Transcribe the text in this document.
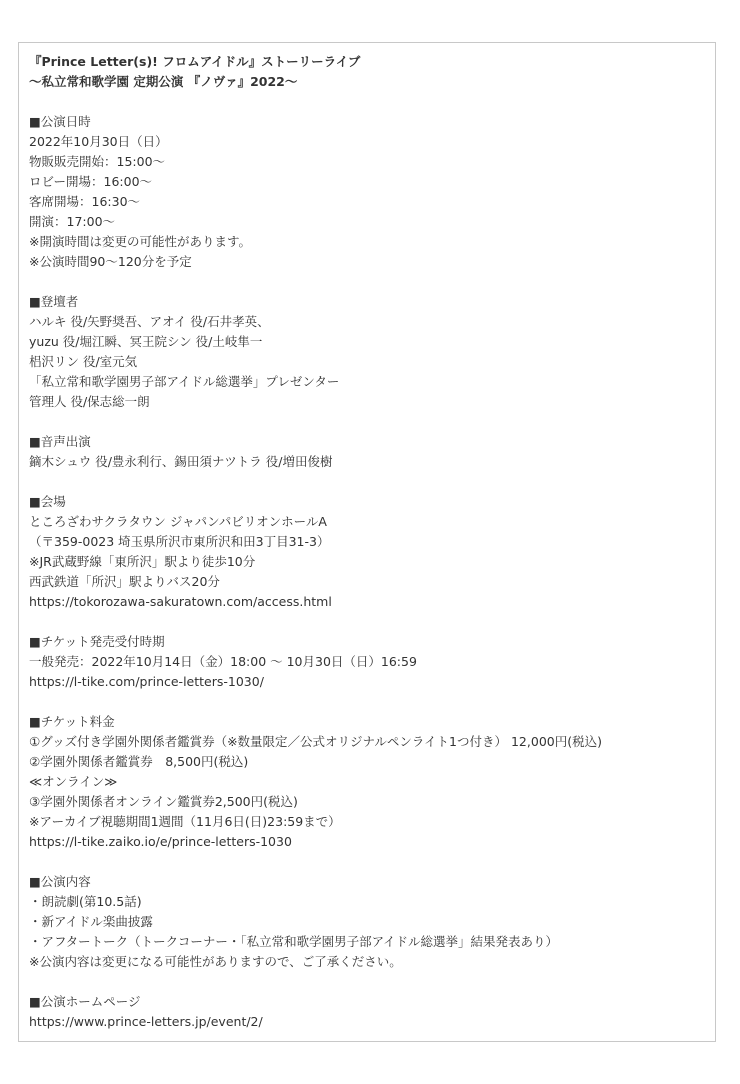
『Prince Letter(s)! フロムアイドル』ストーリーライブ
〜私立常和歌学園 定期公演 『ノヴァ』2022〜
■公演日時
2022年10月30日（日）
物販販売開始：15:00〜
ロビー開場：16:00〜
客席開場：16:30〜
開演：17:00〜
※開演時間は変更の可能性があります。
※公演時間90〜120分を予定
■登壇者
ハルキ 役/矢野奨吾、アオイ 役/石井孝英、
yuzu 役/堀江瞬、冥王院シン 役/土岐隼一
梠沢リン 役/室元気
「私立常和歌学園男子部アイドル総選挙」プレゼンター
管理人 役/保志総一朗
■音声出演
鏑木シュウ 役/豊永利行、錫田須ナツトラ 役/増田俊樹
■会場
ところざわサクラタウン ジャパンパビリオンホールA
（〒359-0023 埼玉県所沢市東所沢和田3丁目31-3）
※JR武蔵野線「東所沢」駅より徒歩10分
西武鉄道「所沢」駅よりバス20分
https://tokorozawa-sakuratown.com/access.html
■チケット発売受付時期
一般発売：2022年10月14日（金）18:00 〜 10月30日（日）16:59
https://l-tike.com/prince-letters-1030/
■チケット料金
①グッズ付き学園外関係者鑑賞券（※数量限定／公式オリジナルペンライト1つ付き） 12,000円(税込)
②学園外関係者鑑賞券　8,500円(税込)
≪オンライン≫
③学園外関係者オンライン鑑賞券2,500円(税込)
※アーカイブ視聴期間1週間（11月6日(日)23:59まで）
https://l-tike.zaiko.io/e/prince-letters-1030
■公演内容
・朗読劇(第10.5話)
・新アイドル楽曲披露
・アフタートーク（トークコーナー・「私立常和歌学園男子部アイドル総選挙」結果発表あり）
※公演内容は変更になる可能性がありますので、ご了承ください。
■公演ホームページ
https://www.prince-letters.jp/event/2/
